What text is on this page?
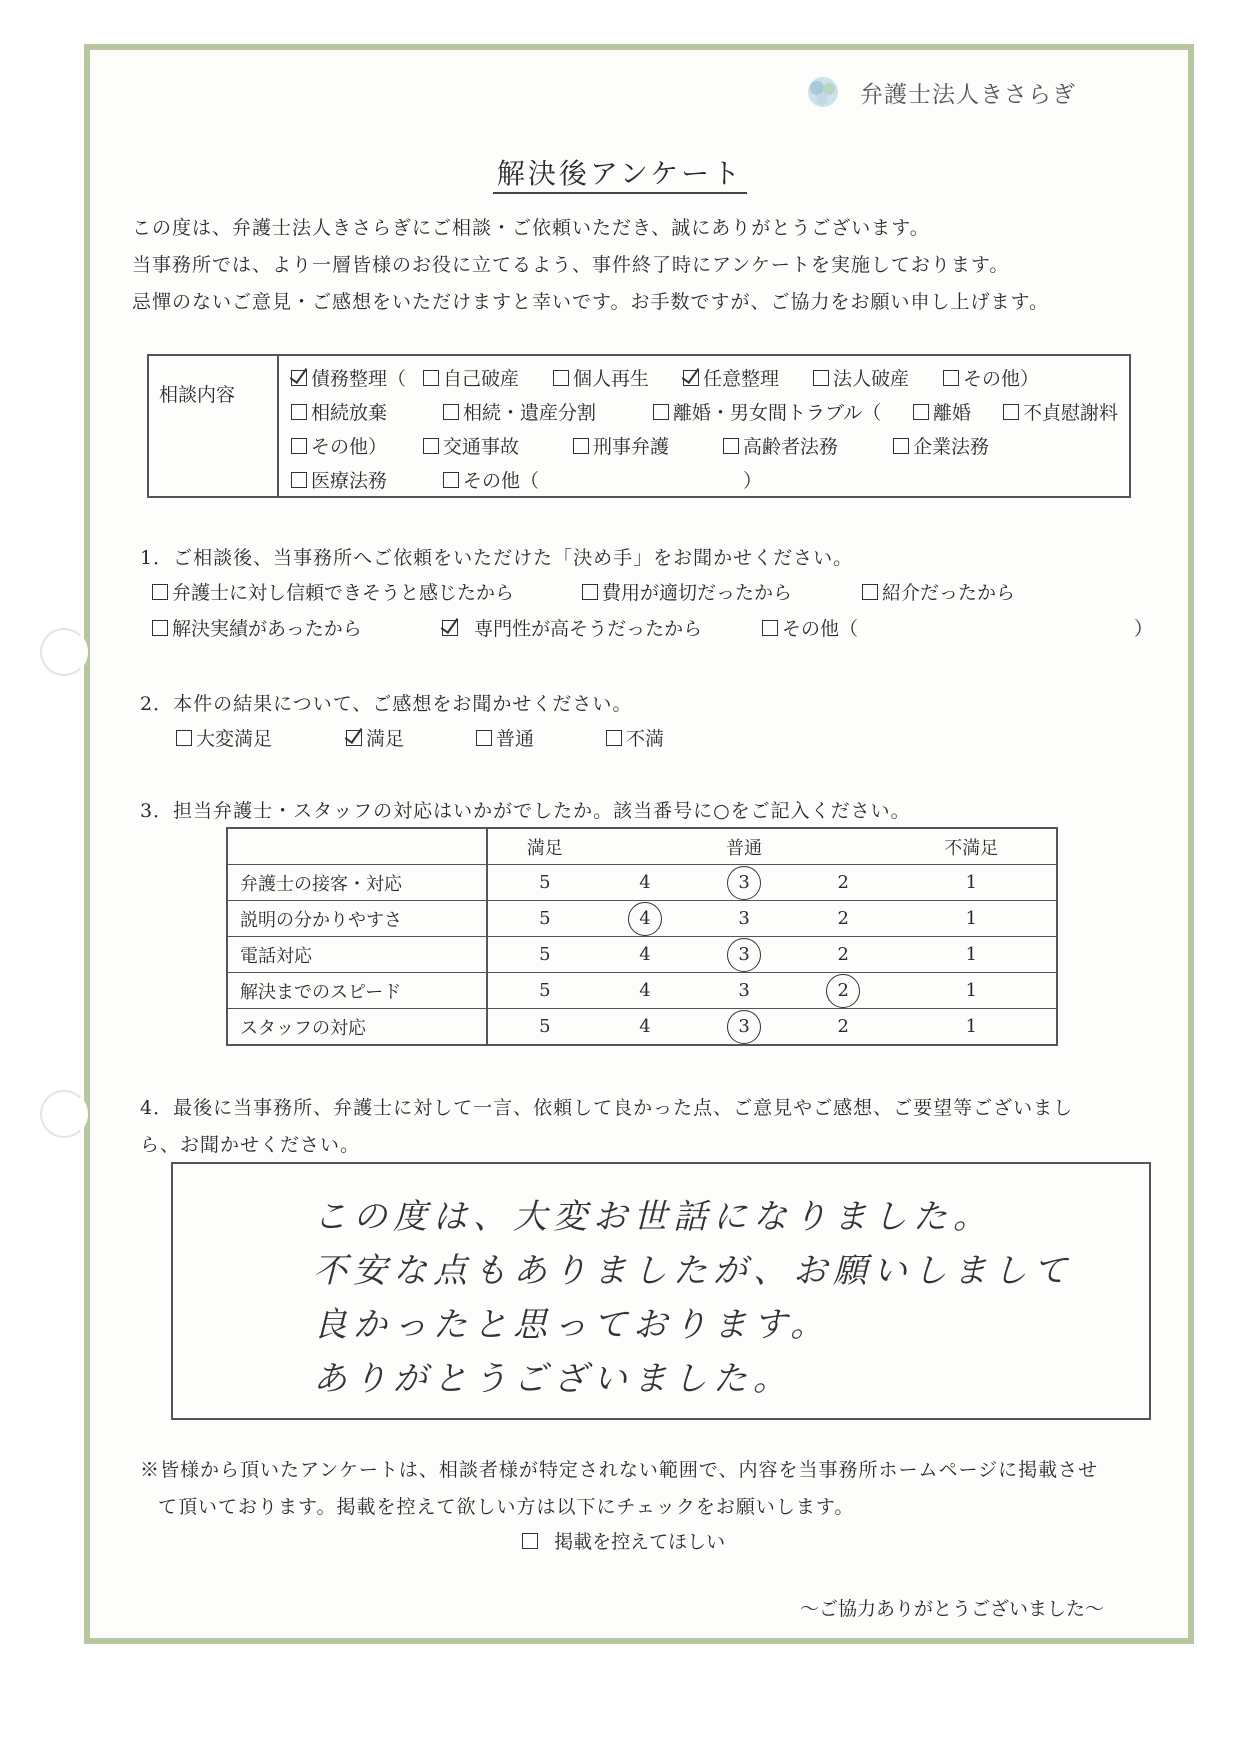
弁護士法人きさらぎ
解決後アンケート
この度は、弁護士法人きさらぎにご相談・ご依頼いただき、誠にありがとうございます。
当事務所では、より一層皆様のお役に立てるよう、事件終了時にアンケートを実施しております。
忌憚のないご意見・ご感想をいただけますと幸いです。お手数ですが、ご協力をお願い申し上げます。
相談内容
債務整理（	自己破産	個人再生	任意整理	法人破産	その他）
相続放棄	相続・遺産分割	離婚・男女間トラブル（	離婚	不貞慰謝料
その他）	交通事故	刑事弁護	高齢者法務	企業法務
医療法務	その他（	）
1．ご相談後、当事務所へご依頼をいただけた「決め手」をお聞かせください。
弁護士に対し信頼できそうと感じたから	費用が適切だったから	紹介だったから
解決実績があったから	専門性が高そうだったから	その他（	）
2．本件の結果について、ご感想をお聞かせください。
大変満足	満足	普通	不満
3．担当弁護士・スタッフの対応はいかがでしたか。該当番号に○をご記入ください。
	満足		普通		不満足
弁護士の接客・対応	5	4	3	2	1
説明の分かりやすさ	5	4	3	2	1
電話対応	5	4	3	2	1
解決までのスピード	5	4	3	2	1
スタッフの対応	5	4	3	2	1
4．最後に当事務所、弁護士に対して一言、依頼して良かった点、ご意見やご感想、ご要望等ございまし
ら、お聞かせください。
この度は、大変お世話になりました。
不安な点もありましたが、お願いしまして
良かったと思っております。
ありがとうございました。
※皆様から頂いたアンケートは、相談者様が特定されない範囲で、内容を当事務所ホームページに掲載させ
て頂いております。掲載を控えて欲しい方は以下にチェックをお願いします。
掲載を控えてほしい
～ご協力ありがとうございました～
